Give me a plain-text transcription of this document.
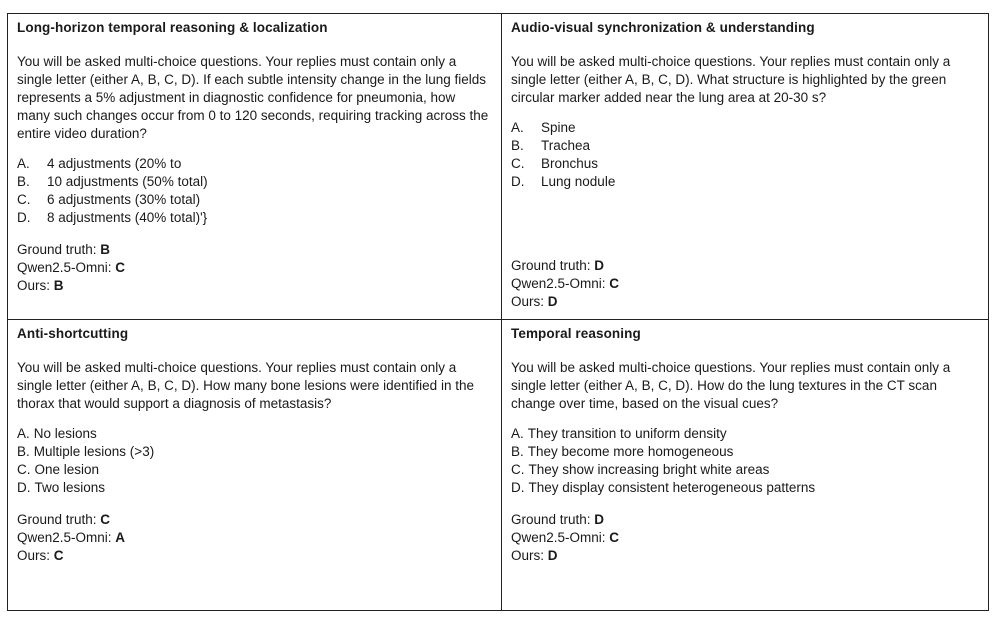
Long-horizon temporal reasoning & localization
You will be asked multi-choice questions. Your replies must contain only a single letter (either A, B, C, D). If each subtle intensity change in the lung fields represents a 5% adjustment in diagnostic confidence for pneumonia, how many such changes occur from 0 to 120 seconds, requiring tracking across the entire video duration?
A.	4 adjustments (20% to
B.	10 adjustments (50% total)
C.	6 adjustments (30% total)
D.	8 adjustments (40% total)'}
Ground truth: B
Qwen2.5-Omni: C
Ours: B
Audio-visual synchronization & understanding
You will be asked multi-choice questions. Your replies must contain only a single letter (either A, B, C, D). What structure is highlighted by the green circular marker added near the lung area at 20-30 s?
A.	Spine
B.	Trachea
C.	Bronchus
D.	Lung nodule
Ground truth: D
Qwen2.5-Omni: C
Ours: D
Anti-shortcutting
You will be asked multi-choice questions. Your replies must contain only a single letter (either A, B, C, D). How many bone lesions were identified in the thorax that would support a diagnosis of metastasis?
A. No lesions
B. Multiple lesions (>3)
C. One lesion
D. Two lesions
Ground truth: C
Qwen2.5-Omni: A
Ours: C
Temporal reasoning
You will be asked multi-choice questions. Your replies must contain only a single letter (either A, B, C, D). How do the lung textures in the CT scan change over time, based on the visual cues?
A. They transition to uniform density
B. They become more homogeneous
C. They show increasing bright white areas
D. They display consistent heterogeneous patterns
Ground truth: D
Qwen2.5-Omni: C
Ours: D
